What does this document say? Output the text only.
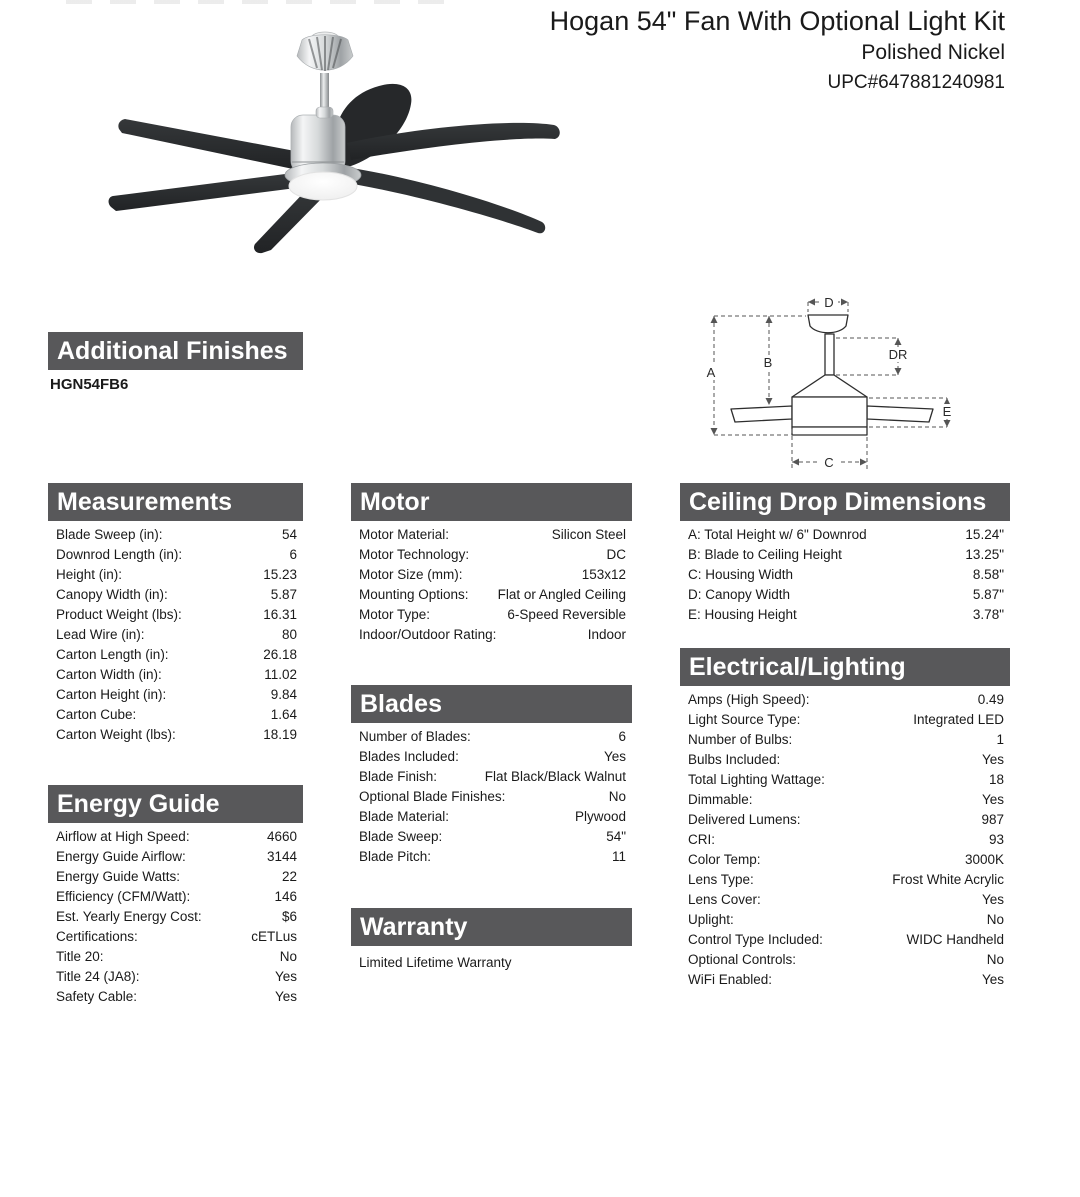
Hogan 54" Fan With Optional Light Kit
Polished Nickel
UPC#647881240981
D
A
B
DR
E
C
Additional Finishes
HGN54FB6
Measurements
Blade Sweep (in):	54
Downrod Length (in):	6
Height (in):	15.23
Canopy Width (in):	5.87
Product Weight (lbs):	16.31
Lead Wire (in):	80
Carton Length (in):	26.18
Carton Width (in):	11.02
Carton Height (in):	9.84
Carton Cube:	1.64
Carton Weight (lbs):	18.19
Energy Guide
Airflow at High Speed:	4660
Energy Guide Airflow:	3144
Energy Guide Watts:	22
Efficiency (CFM/Watt):	146
Est. Yearly Energy Cost:	$6
Certifications:	cETLus
Title 20:	No
Title 24 (JA8):	Yes
Safety Cable:	Yes
Motor
Motor Material:	Silicon Steel
Motor Technology:	DC
Motor Size (mm):	153x12
Mounting Options: Flat or Angled Ceiling
Motor Type:	6-Speed Reversible
Indoor/Outdoor Rating:	Indoor
Blades
Number of Blades:	6
Blades Included:	Yes
Blade Finish:	Flat Black/Black Walnut
Optional Blade Finishes:	No
Blade Material:	Plywood
Blade Sweep:	54"
Blade Pitch:	11
Warranty
Limited Lifetime Warranty
Ceiling Drop Dimensions
A: Total Height w/ 6" Downrod	15.24"
B: Blade to Ceiling Height	13.25"
C: Housing Width	8.58"
D: Canopy Width	5.87"
E: Housing Height	3.78"
Electrical/Lighting
Amps (High Speed):	0.49
Light Source Type:	Integrated LED
Number of Bulbs:	1
Bulbs Included:	Yes
Total Lighting Wattage:	18
Dimmable:	Yes
Delivered Lumens:	987
CRI:	93
Color Temp:	3000K
Lens Type:	Frost White Acrylic
Lens Cover:	Yes
Uplight:	No
Control Type Included:	WIDC Handheld
Optional Controls:	No
WiFi Enabled:	Yes
